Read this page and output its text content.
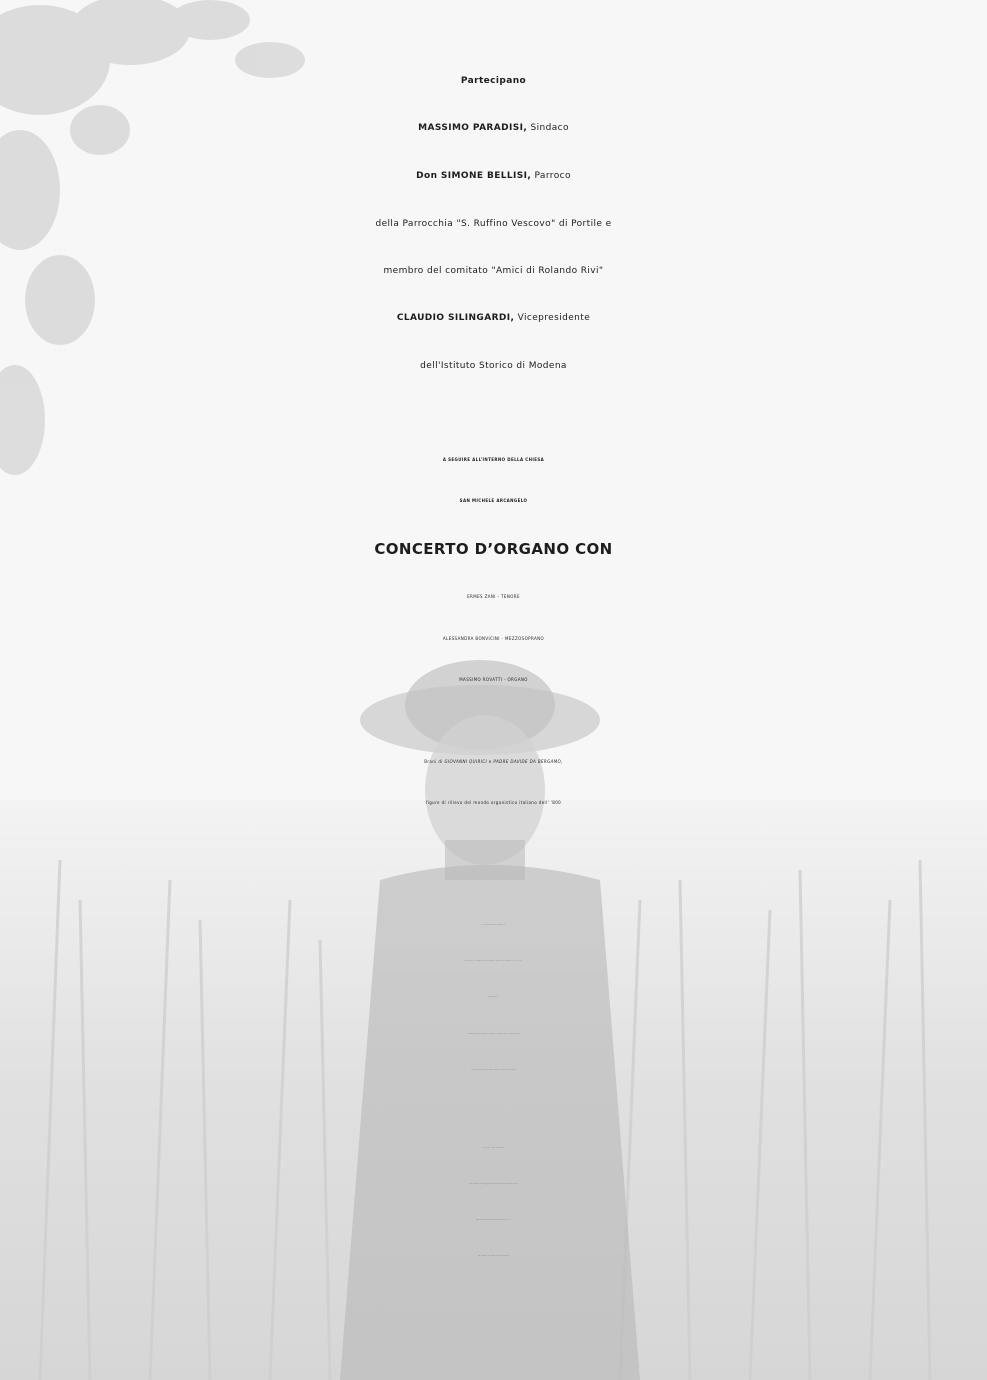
Partecipano
MASSIMO PARADISI, Sindaco
Don SIMONE BELLISI, Parroco
della Parrocchia "S. Ruffino Vescovo" di Portile e
membro del comitato "Amici di Rolando Rivi"
CLAUDIO SILINGARDI, Vicepresidente
dell'Istituto Storico di Modena
A SEGUIRE ALL’INTERNO DELLA CHIESA
SAN MICHELE ARCANGELO
CONCERTO D’ORGANO CON
ERMES ZANI - TENORE
ALESSANDRA BONVICINI - MEZZOSOPRANO
MASSIMO ROVATTI - ORGANO
Brani di GIOVANNI QUIRICI e PADRE DAVIDE DA BERGAMO,
figure di rilievo del mondo organistico italiano dell' '800
Nel rispetto delle norme di
sicurezza il pubblico dovrà essere munito di mascherina e verrà
mantenuto il
distanziamento fisico di almeno 1 metro tra i partecipanti
L'iniziativa è confermata anche in caso di pioggia
Per info: Ufficio Cultura
059-534802 cultura@comune.castelnuovo-rangone.mo.it
www.comune.castelnuovo-rangone.mo.it
FB Comune di Castelnuovo Rangone
